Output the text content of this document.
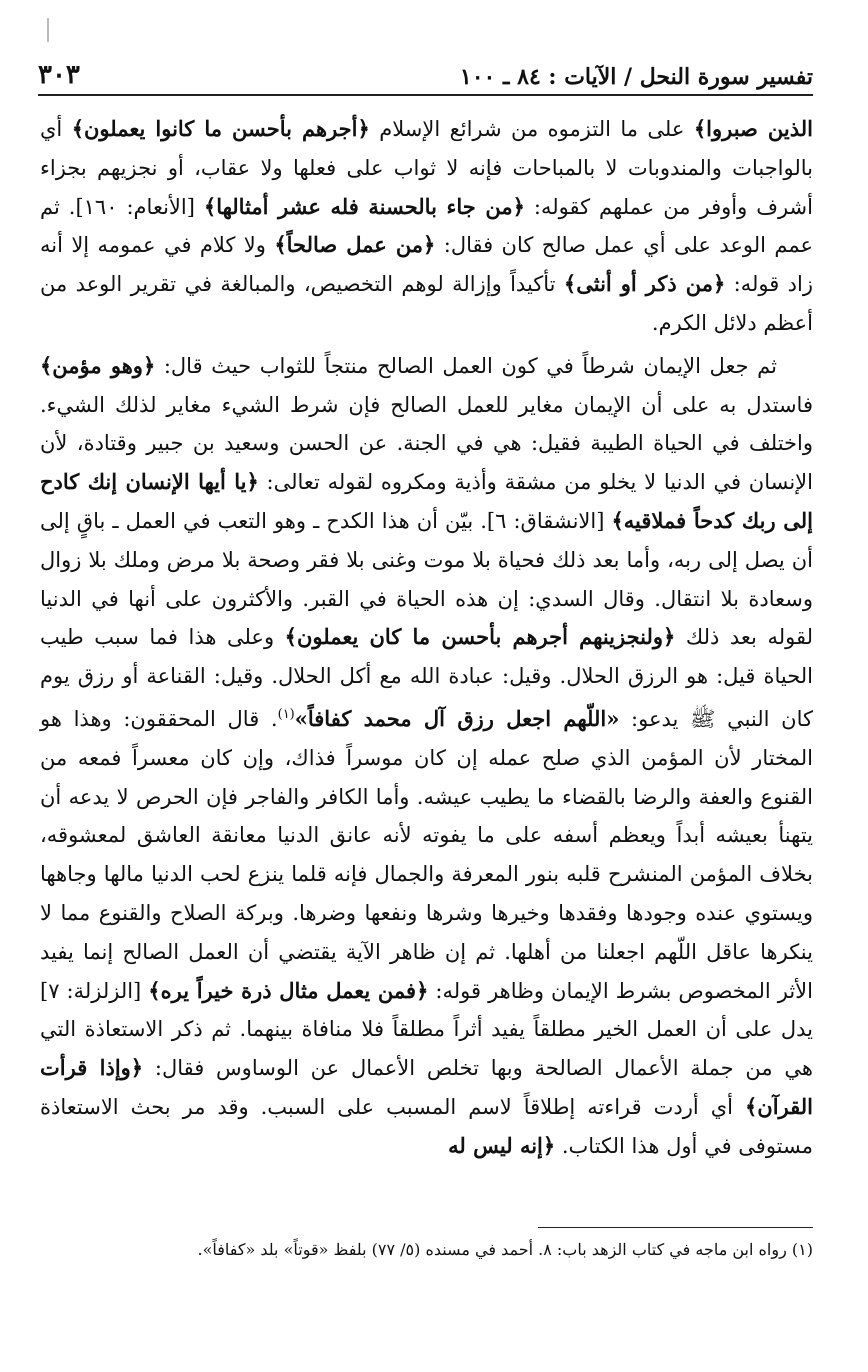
تفسير سورة النحل / الآيات : ٨٤ ـ ١٠٠
٣٠٣

الذين صبروا﴾ على ما التزموه من شرائع الإسلام ﴿أجرهم بأحسن ما كانوا يعملون﴾ أي بالواجبات والمندوبات لا بالمباحات فإنه لا ثواب على فعلها ولا عقاب، أو نجزيهم بجزاء أشرف وأوفر من عملهم كقوله: ﴿من جاء بالحسنة فله عشر أمثالها﴾ [الأنعام: ١٦٠]. ثم عمم الوعد على أي عمل صالح كان فقال: ﴿من عمل صالحاً﴾ ولا كلام في عمومه إلا أنه زاد قوله: ﴿من ذكر أو أنثى﴾ تأكيداً وإزالة لوهم التخصيص، والمبالغة في تقرير الوعد من أعظم دلائل الكرم.

ثم جعل الإيمان شرطاً في كون العمل الصالح منتجاً للثواب حيث قال: ﴿وهو مؤمن﴾ فاستدل به على أن الإيمان مغاير للعمل الصالح فإن شرط الشيء مغاير لذلك الشيء. واختلف في الحياة الطيبة فقيل: هي في الجنة. عن الحسن وسعيد بن جبير وقتادة، لأن الإنسان في الدنيا لا يخلو من مشقة وأذية ومكروه لقوله تعالى: ﴿يا أيها الإنسان إنك كادح إلى ربك كدحاً فملاقيه﴾ [الانشقاق: ٦]. بيّن أن هذا الكدح ـ وهو التعب في العمل ـ باقٍ إلى أن يصل إلى ربه، وأما بعد ذلك فحياة بلا موت وغنى بلا فقر وصحة بلا مرض وملك بلا زوال وسعادة بلا انتقال. وقال السدي: إن هذه الحياة في القبر. والأكثرون على أنها في الدنيا لقوله بعد ذلك ﴿ولنجزينهم أجرهم بأحسن ما كان يعملون﴾ وعلى هذا فما سبب طيب الحياة قيل: هو الرزق الحلال. وقيل: عبادة الله مع أكل الحلال. وقيل: القناعة أو رزق يوم كان النبي ﷺ يدعو: «اللّهم اجعل رزق آل محمد كفافاً»$^{(١)}$. قال المحققون: وهذا هو المختار لأن المؤمن الذي صلح عمله إن كان موسراً فذاك، وإن كان معسراً فمعه من القنوع والعفة والرضا بالقضاء ما يطيب عيشه. وأما الكافر والفاجر فإن الحرص لا يدعه أن يتهنأ بعيشه أبداً ويعظم أسفه على ما يفوته لأنه عانق الدنيا معانقة العاشق لمعشوقه، بخلاف المؤمن المنشرح قلبه بنور المعرفة والجمال فإنه قلما ينزع لحب الدنيا مالها وجاهها ويستوي عنده وجودها وفقدها وخيرها وشرها ونفعها وضرها. وبركة الصلاح والقنوع مما لا ينكرها عاقل اللّهم اجعلنا من أهلها. ثم إن ظاهر الآية يقتضي أن العمل الصالح إنما يفيد الأثر المخصوص بشرط الإيمان وظاهر قوله: ﴿فمن يعمل مثال ذرة خيراً يره﴾ [الزلزلة: ٧] يدل على أن العمل الخير مطلقاً يفيد أثراً مطلقاً فلا منافاة بينهما. ثم ذكر الاستعاذة التي هي من جملة الأعمال الصالحة وبها تخلص الأعمال عن الوساوس فقال: ﴿وإذا قرأت القرآن﴾ أي أردت قراءته إطلاقاً لاسم المسبب على السبب. وقد مر بحث الاستعاذة مستوفى في أول هذا الكتاب. ﴿إنه ليس له

(١) رواه ابن ماجه في كتاب الزهد باب: ٨. أحمد في مسنده (٥/ ٧٧) بلفظ «قوتاً» بلد «كفافاً».
